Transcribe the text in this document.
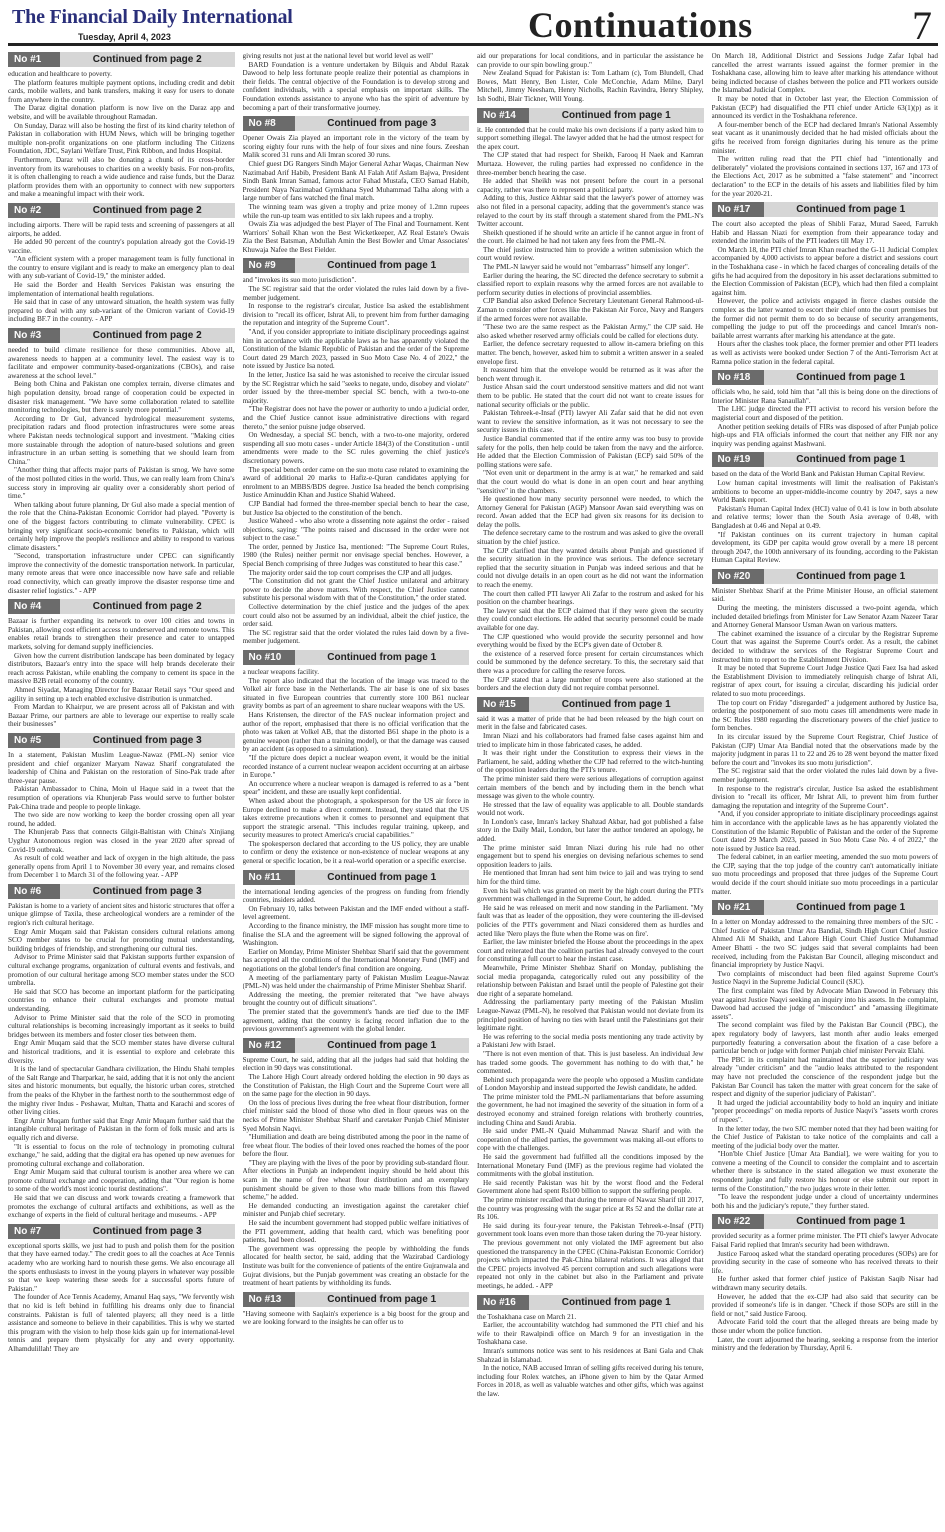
The Financial Daily International
Tuesday, April 4, 2023	Continuations	7
No #1	Continued from page 2

education and healthcare to poverty.

The platform features multiple payment options, including credit and debit cards, mobile wallets, and bank transfers, making it easy for users to donate from anywhere in the country.

The Daraz digital donation platform is now live on the Daraz app and website, and will be available throughout Ramadan.

On Sunday, Daraz will also be hosting the first of its kind charity telethon of Pakistan in collaboration with HUM News, which will be bringing together multiple non-profit organizations on one platform including The Citizens Foundation, JDC, Saylani Welfare Trust, Pink Ribbon, and Indus Hospital.

Furthermore, Daraz will also be donating a chunk of its cross-border inventory from its warehouses to charities on a weekly basis. For non-profits, it is often challenging to reach a wide audience and raise funds, but the Daraz platform provides them with an opportunity to connect with new supporters and make a meaningful impact with their work.

No #2	Continued from page 2

including airports. There will be rapid tests and screening of passengers at all airports, he added.

He added 90 percent of the country's population already got the Covid-19 vaccine.

"An efficient system with a proper management team is fully functional in the country to ensure vigilant and is ready to make an emergency plan to deal with any sub-variant of Covid-19," the minister added.

He said the Border and Health Services Pakistan was ensuring the implementation of international health regulations.

He said that in case of any untoward situation, the health system was fully prepared to deal with any sub-variant of the Omicron variant of Covid-19 including BF.7 in the country. - APP

No #3	Continued from page 2

needed to build climate resilience for these communities. Above all, awareness needs to happen at a community level. The easiest way is to facilitate and empower community-based-organizations (CBOs), and raise awareness at the school level."

Being both China and Pakistan one complex terrain, diverse climates and high population density, broad range of cooperation could be expected in disaster risk management. "We have some collaboration related to satellite monitoring technologies, but there is surely more potential."

According to Dr Gul, advanced hydrological measurement systems, precipitation radars and flood protection infrastructures were some areas where Pakistan needs technological support and investment. "Making cities more sustainable through the adoption of nature-based solutions and green infrastructure in an urban setting is something that we should learn from China."

"Another thing that affects major parts of Pakistan is smog. We have some of the most polluted cities in the world. Thus, we can really learn from China's success story in improving air quality over a considerably short period of time."

When talking about future planning, Dr Gul also made a special mention of the role that the China-Pakistan Economic Corridor had played. "Poverty is one of the biggest factors contributing to climate vulnerability. CPEC is bringing very significant socio-economic benefits to Pakistan, which will certainly help improve the people's resilience and ability to respond to various climate disasters."

"Second, transportation infrastructure under CPEC can significantly improve the connectivity of the domestic transportation network. In particular, many remote areas that were once inaccessible now have safe and reliable road connectivity, which can greatly improve the disaster response time and disaster relief logistics." - APP

No #4	Continued from page 2

Bazaar is further expanding its network to over 100 cities and towns in Pakistan, allowing cost efficient access to underserved and remote towns. This enables retail brands to strengthen their presence and cater to untapped markets, solving for demand supply inefficiencies.

Given how the current distribution landscape has been dominated by legacy distributors, Bazaar's entry into the space will help brands decelerate their reach across Pakistan, while enabling the company to cement its space in the massive B2B retail economy of the country.

Ahmed Siyadat, Managing Director for Bazaar Retail says "Our speed and agility in setting up a tech enabled exclusive distribution is unmatched.

From Mardan to Khairpur, we are present across all of Pakistan and with Bazaar Prime, our partners are able to leverage our expertise to really scale their businesses"

No #5	Continued from page 3

In a statement, Pakistan Muslim League-Nawaz (PML-N) senior vice president and chief organizer Maryam Nawaz Sharif congratulated the leadership of China and Pakistan on the restoration of Sino-Pak trade after three-year pause.

Pakistan Ambassador to China, Moin ul Haque said in a tweet that the resumption of operations via Khunjerab Pass would serve to further bolster Pak-China trade and people to people linkage.

The two side are now working to keep the border crossing open all year round, he added.

The Khunjerab Pass that connects Gilgit-Baltistan with China's Xinjiang Uyghur Autonomous region was closed in the year 2020 after spread of Covid-19 outbreak.

As result of cold weather and lack of oxygen in the high altitude, the pass generally opens from April 1 to November 30 every year, and remains closed from December 1 to March 31 of the following year. - APP

No #6	Continued from page 3

Pakistan is home to a variety of ancient sites and historic structures that offer a unique glimpse of Taxila, these archeological wonders are a reminder of the region's rich cultural heritage.

Engr Amir Muqam said that Pakistan considers cultural relations among SCO member states to be crucial for promoting mutual understanding, building bridges of friendship, and strengthening our cultural ties.

Advisor to Prime Minister said that Pakistan supports further expansion of cultural exchange programs, organization of cultural events and festivals, and promotion of our cultural heritage among SCO member states under the SCO umbrella.

He said that SCO has become an important platform for the participating countries to enhance their cultural exchanges and promote mutual understanding.

Advisor to Prime Minister said that the role of the SCO in promoting cultural relationships is becoming increasingly important as it seeks to build bridges between its members and foster closer ties between them.

Engr Amir Muqam said that the SCO member states have diverse cultural and historical traditions, and it is essential to explore and celebrate this diversity.

It is the land of spectacular Gandhara civilization, the Hindu Shahi temples of the Salt Range and Tharparkar, he said, adding that it is not only the ancient sites and historic monuments, but equally, the historic urban cores, stretched from the peaks of the Khyber in the farthest north to the southernmost edge of the mighty river Indus - Peshawar, Multan, Thatta and Karachi and scores of other living cities.

Engr Amir Muqam further said that Engr Amir Muqam further said that the intangible cultural heritage of Pakistan in the form of folk music and arts is equally rich and diverse.

"It is essential to focus on the role of technology in promoting cultural exchange," he said, adding that the digital era has opened up new avenues for promoting cultural exchange and collaboration.

Engr Amir Muqam said that cultural tourism is another area where we can promote cultural exchange and cooperation, adding that "Our region is home to some of the world's most iconic tourist destinations".

He said that we can discuss and work towards creating a framework that promotes the exchange of cultural artifacts and exhibitions, as well as the exchange of experts in the field of cultural heritage and museums. - APP

No #7	Continued from page 3

exceptional sports skills, we just had to push and polish them for the position that they have earned today." The credit goes to all the coaches at Ace Tennis academy who are working hard to nourish these gems. We also encourage all the sports enthusiasts to invest in the young players in whatever way possible so that we keep watering these seeds for a successful sports future of Pakistan."

The founder of Ace Tennis Academy, Amanul Haq says, "We fervently wish that no kid is left behind in fulfilling his dreams only due to financial constraints. Pakistan is full of talented players; all they need is a little assistance and someone to believe in their capabilities. This is why we started this program with the vision to help those kids gain up for international-level tennis and prepare them physically for any and every opportunity. Alhamdulillah! They are

giving results not just at the national level but world level as well"

BARD Foundation is a venture undertaken by Bilquis and Abdul Razak Dawood to help less fortunate people realize their potential as champions in their fields. The central objective of the Foundation is to develop strong and confident individuals, with a special emphasis on important skills. The Foundation extends assistance to anyone who has the spirit of adventure by becoming a part of their transformative journey.

No #8	Continued from page 3

Opener Owais Zia played an important role in the victory of the team by scoring eighty four runs with the help of four sixes and nine fours. Zeeshan Malik scored 31 runs and Ali Imran scored 30 runs.

Chief guest DG Rangers Sindh Major General Azhar Waqas, Chairman New Nazimabad Arif Habib, President Bank Al Falah Atif Aslam Bajwa, President Sindh Bank Imran Samad, famous actor Fahad Mustafa, CEO Samad Habib, President Naya Nazimabad Gymkhana Syed Muhammad Talha along with a large number of fans watched the final match.

The winning team was given a trophy and prize money of 1.2mn rupees while the run-up team was entitled to six lakh rupees and a trophy.

Owais Zia was adjudged the best Player of The Final and Tournament. Kent Warriors' Sohail Khan won the Best Wicketkeeper, AZ Real Estate's Owais Zia the Best Batsman, Abdullah Amin the Best Bowler and Umar Associates' Khuwaja Nafee the Best Fielder.

No #9	Continued from page 1

and "invokes its suo moto jurisdiction".

The SC registrar said that the order violated the rules laid down by a five-member judgement.

In response to the registrar's circular, Justice Isa asked the establishment division to "recall its officer, Ishrat Ali, to prevent him from further damaging the reputation and integrity of the Supreme Court".

"And, if you consider appropriate to initiate disciplinary proceedings against him in accordance with the applicable laws as he has apparently violated the Constitution of the Islamic Republic of Pakistan and the order of the Supreme Court dated 29 March 2023, passed in Suo Moto Case No. 4 of 2022," the note issued by Justice Isa noted.

In the letter, Justice Isa said he was astonished to receive the circular issued by the SC Registrar which he said "seeks to negate, undo, disobey and violate" order issued by the three-member special SC bench, with a two-to-one majority.

"The Registrar does not have the power or authority to undo a judicial order, and the Chief Justice cannot issue administrative directions with regard thereto," the senior puisne judge observed.

On Wednesday, a special SC bench, with a two-to-one majority, ordered suspending all suo motu cases - under Article 184(3) of the Constitution - until amendments were made to the SC rules governing the chief justice's discretionary powers.

The special bench order came on the suo motu case related to examining the award of additional 20 marks to Hafiz-e-Quran candidates applying for enrolment to an MBBS/BDS degree. Justice Isa headed the bench comprising Justice Aminuddin Khan and Justice Shahid Waheed.

CJP Bandial had formed the three-member special bench to hear the case, but Justice Isa objected to the constitution of the bench.

Justice Waheed - who also wrote a dissenting note against the order - raised objections, saying: "The points raised and discussed in the order were not subject to the case."

The order, penned by Justice Isa, mentioned: "The Supreme Court Rules, 1980 (the Rules) neither permit nor envisage special benches. However, a Special Bench comprising of three Judges was constituted to hear this case."

The majority order said the top court comprises the CJP and all judges.

"The Constitution did not grant the Chief Justice unilateral and arbitrary power to decide the above matters. With respect, the Chief Justice cannot substitute his personal wisdom with that of the Constitution," the order stated.

Collective determination by the chief justice and the judges of the apex court could also not be assumed by an individual, albeit the chief justice, the order said.

The SC registrar said that the order violated the rules laid down by a five-member judgement.

No #10	Continued from page 1

a nuclear weapons facility.

The report also indicated that the location of the image was traced to the Volkel air force base in the Netherlands. The air base is one of six bases situated in five European countries that currently store 100 B61 nuclear gravity bombs as part of an agreement to share nuclear weapons with the US.

Hans Kristensen, the director of the FAS nuclear information project and author of the report, emphasised that there is no official verification that the photo was taken at Volkel AB, that the distorted B61 shape in the photo is a genuine weapon (rather than a training model), or that the damage was caused by an accident (as opposed to a simulation).

"If the picture does depict a nuclear weapon event, it would be the initial recorded instance of a current nuclear weapon accident occurring at an airbase in Europe."

An occurrence where a nuclear weapon is damaged is referred to as a "bent spear" incident, and these are usually kept confidential.

When asked about the photograph, a spokesperson for the US air force in Europe declined to make a direct comment. Instead, they stated that the US takes extreme precautions when it comes to personnel and equipment that support the strategic arsenal. "This includes regular training, upkeep, and security measures to protect America's crucial capabilities."

The spokesperson declared that according to the US policy, they are unable to confirm or deny the existence or non-existence of nuclear weapons at any general or specific location, be it a real-world operation or a specific exercise.

No #11	Continued from page 1

the international lending agencies of the progress on funding from friendly countries, insiders added.

On February 10, talks between Pakistan and the IMF ended without a staff-level agreement.

According to the finance ministry, the IMF mission has sought more time to finalise the SLA and the agreement will be signed following the approval of Washington.

Earlier on Monday, Prime Minister Shehbaz Sharif said that the government has accepted all the conditions of the International Monetary Fund (IMF) and negotiations on the global lender's final condition are ongoing.

A meeting of the parliamentary party of Pakistan Muslim League-Nawaz (PML-N) was held under the chairmanship of Prime Minister Shehbaz Sharif.

Addressing the meeting, the premier reiterated that "we have always brought the country out of difficult situations".

The premier stated that the government's 'hands are tied' due to the IMF agreement, adding that the country is facing record inflation due to the previous government's agreement with the global lender.

No #12	Continued from page 1

Supreme Court, he said, adding that all the judges had said that holding the election in 90 days was constitutional.

The Lahore High Court already ordered holding the election in 90 days as the Constitution of Pakistan, the High Court and the Supreme Court were all on the same page for the election in 90 days.

On the loss of precious lives during the free wheat flour distribution, former chief minister said the blood of those who died in flour queues was on the necks of Prime Minister Shehbaz Sharif and caretaker Punjab Chief Minister Syed Mohsin Naqvi.

"Humiliation and death are being distributed among the poor in the name of free wheat flour. The bodies of their loved ones reached the homes of the poor before the flour.

"They are playing with the lives of the poor by providing sub-standard flour. After elections in Punjab an independent inquiry should be held about this scam in the name of free wheat flour distribution and an exemplary punishment should be given to those who made billions from this flawed scheme," he added.

He demanded conducting an investigation against the caretaker chief minister and Punjab chief secretary.

He said the incumbent government had stopped public welfare initiatives of the PTI government, adding that health card, which was benefiting poor patients, had been closed.

The government was oppressing the people by withholding the funds allocated for health sector, he said, adding that the Wazirabad Cardiology Institute was built for the convenience of patients of the entire Gujranwala and Gujrat divisions, but the Punjab government was creating an obstacle for the treatment of heart patients by withholding its funds.

No #13	Continued from page 1

"Having someone with Saqlain's experience is a big boost for the group and we are looking forward to the insights he can offer us to

aid our preparations for local conditions, and in particular the assistance he can provide to our spin bowling group."

New Zealand Squad for Pakistan is: Tom Latham (c), Tom Blundell, Chad Bowes, Matt Henry, Ben Lister, Cole McConchie, Adam Milne, Daryl Mitchell, Jimmy Neesham, Henry Nicholls, Rachin Ravindra, Henry Shipley, Ish Sodhi, Blair Tickner, Will Young.

No #14	Continued from page 1

it. He contended that he could make his own decisions if a party asked him to support something illegal. The lawyer added that he had the utmost respect for the apex court.

The CJP stated that had respect for Sheikh, Farooq H Naek and Kamran Murtaza. However, the ruling parties had expressed no confidence in the three-member bench hearing the case.

He added that Sheikh was not present before the court in a personal capacity, rather was there to represent a political party.

Adding to this, Justice Akhtar said that the lawyer's power of attorney was also not filed in a personal capacity, adding that the government's stance was relayed to the court by its staff through a statement shared from the PML-N's Twitter account.

Sheikh questioned if he should write an article if he cannot argue in front of the court. He claimed he had not taken any fees from the PML-N.

The chief justice instructed him to provide a written submission which the court would review.

The PML-N lawyer said he would not "embarrass" himself any longer".

Earlier during the hearing, the SC directed the defence secretary to submit a classified report to explain reasons why the armed forces are not available to perform security duties in elections of provincial assemblies.

CJP Bandial also asked Defence Secretary Lieutenant General Rahmood-ul-Zaman to consider other forces like the Pakistan Air Force, Navy and Rangers if the armed forces were not available.

"These two are the same respect as the Pakistan Army," the CJP said. He also asked whether reserved army officials could be called for elections duty.

Earlier, the defence secretary requested to allow in-camera briefing on this matter. The bench, however, asked him to submit a written answer in a sealed envelope first.

It reassured him that the envelope would be returned as it was after the bench went through it.

Justice Ahsan said the court understood sensitive matters and did not want them to be public. He stated that the court did not want to create issues for national security officials or the public.

Pakistan Tehreek-e-Insaf (PTI) lawyer Ali Zafar said that he did not even want to review the sensitive information, as it was not necessary to see the security issues in this case.

Justice Bandial commented that if the entire army was too busy to provide safety for the polls, then help could be taken from the navy and the airforce. He added that the Election Commission of Pakistan (ECP) said 50% of the polling stations were safe.

"Not even unit or department in the army is at war," he remarked and said that the court would do what is done in an open court and hear anything "sensitive" in the chambers.

He questioned how many security personnel were needed, to which the Attorney General for Pakistan (AGP) Mansoor Awan said everything was on record. Awan added that the ECP had given six reasons for its decision to delay the polls.

The defence secretary came to the rostrum and was asked to give the overall situation by the chief justice.

The CJP clarified that they wanted details about Punjab and questioned if the security situation in the province was serious. The defence secretary replied that the security situation in Punjab was indeed serious and that he could not divulge details in an open court as he did not want the information to reach the enemy.

The court then called PTI lawyer Ali Zafar to the rostrum and asked for his position on the chamber hearings.

The lawyer said that the ECP claimed that if they were given the security they could conduct elections. He added that security personnel could be made available for one day.

The CJP questioned who would provide the security personnel and how everything would be fixed by the ECP's given date of October 8.

the existence of a reserved force present for certain circumstances which could be summoned by the defence secretary. To this, the secretary said that there was a procedure for calling the reserve forces.

The CJP stated that a large number of troops were also stationed at the borders and the election duty did not require combat personnel.

No #15	Continued from page 1

said it was a matter of pride that he had been released by the high court on merit in the false and fabricated cases.

Imran Niazi and his collaborators had framed false cases against him and tried to implicate him in those fabricated cases, he added.

It was their right under the Constitution to express their views in the Parliament, he said, adding whether the CJP had referred to the witch-hunting of the opposition leaders during the PTI's tenure.

The prime minister said there were serious allegations of corruption against certain members of the bench and by including them in the bench what message was given to the whole country.

He stressed that the law of equality was applicable to all. Double standards would not work.

In London's case, Imran's lackey Shahzad Akbar, had got published a false story in the Daily Mail, London, but later the author tendered an apology, he added.

The prime minister said Imran Niazi during his rule had no other engagement but to spend his energies on devising nefarious schemes to send opposition leaders to jails.

He mentioned that Imran had sent him twice to jail and was trying to send him for the third time.

Even his bail which was granted on merit by the high court during the PTI's government was challenged in the Supreme Court, he added.

He said he was released on merit and now standing in the Parliament. "My fault was that as leader of the opposition, they were countering the ill-devised policies of the PTI's government and Niazi considered them as hurdles and acted like 'Nero plays the flute when the Rome was on fire'.

Earlier, the law minister briefed the House about the proceedings in the apex court and reiterated that the coalition parties had already conveyed to the court for constituting a full court to hear the instant case.

Meanwhile, Prime Minister Shehbaz Sharif on Monday, publishing the social media propaganda, categorically ruled out any possibility of the relationship between Pakistan and Israel until the people of Palestine got their due right of a separate homeland.

Addressing the parliamentary party meeting of the Pakistan Muslim League-Nawaz (PML-N), he resolved that Pakistan would not deviate from its principled position of having no ties with Israel until the Palestinians got their legitimate right.

He was referring to the social media posts mentioning any trade activity by a Pakistani Jew with Israel.

"There is not even mention of that. This is just baseless. An individual Jew has traded some goods. The government has nothing to do with that," he commented.

Behind such propaganda were the people who opposed a Muslim candidate of London Mayorship and instead supported the Jewish candidate, he added.

The prime minister told the PML-N parliamentarians that before assuming the government, he had not imagined the severity of the situation in form of a destroyed economy and strained foreign relations with brotherly countries, including China and Saudi Arabia.

He said under PML-N Quaid Muhammad Nawaz Sharif and with the cooperation of the allied parties, the government was making all-out efforts to cope with the challenges.

He said the government had fulfilled all the conditions imposed by the International Monetary Fund (IMF) as the previous regime had violated the commitments with the global institution.

He said recently Pakistan was hit by the worst flood and the Federal Government alone had spent Rs100 billion to support the suffering people.

The prime minister recalled that during the tenure of Nawaz Sharif till 2017, the country was progressing with the sugar price at Rs 52 and the dollar rate at Rs 106.

He said during its four-year tenure, the Pakistan Tehreek-e-Insaf (PTI) government took loans even more than those taken during the 70-year history.

The previous government not only violated the IMF agreement but also questioned the transparency in the CPEC (China-Pakistan Economic Corridor) projects which impacted the Pak-China bilateral relations. It was alleged that the CPEC projects involved 45 percent corruption and such allegations were repeated not only in the cabinet but also in the Parliament and private meetings, he added. - APP

No #16	Continued from page 1

the Toshakhana case on March 21.

Earlier, the accountability watchdog had summoned the PTI chief and his wife to their Rawalpindi office on March 9 for an investigation in the Toshakhana case.

Imran's summons notice was sent to his residences at Bani Gala and Chak Shahzad in Islamabad.

In the notice, NAB accused Imran of selling gifts received during his tenure, including four Rolex watches, an iPhone given to him by the Qatar Armed Forces in 2018, as well as valuable watches and other gifts, which was against the law.

On March 18, Additional District and Sessions Judge Zafar Iqbal had cancelled the arrest warrants issued against the former premier in the Toshakhana case, allowing him to leave after marking his attendance without being indicted because of clashes between the police and PTI workers outside the Islamabad Judicial Complex.

It may be noted that in October last year, the Election Commission of Pakistan (ECP) had disqualified the PTI chief under Article 63(1)(p) as it announced its verdict in the Toshakhana reference.

A four-member bench of the ECP had declared Imran's National Assembly seat vacant as it unanimously decided that he had misled officials about the gifts he received from foreign dignitaries during his tenure as the prime minister.

The written ruling read that the PTI chief had "intentionally and deliberately" violated the provisions contained in sections 137, 167 and 173 of the Elections Act, 2017 as he submitted a "false statement" and "incorrect declaration" to the ECP in the details of his assets and liabilities filed by him for the year 2020-21.

No #17	Continued from page 1

The court also accepted the pleas of Shibli Faraz, Murad Saeed, Farrukh Habib and Hassan Niazi for exemption from their appearance today and extended the interim bails of the PTI leaders till May 17.

On March 18, the PTI chief Imran Khan reached the G-11 Judicial Complex accompanied by 4,000 activists to appear before a district and sessions court in the Toshakhana case - in which he faced charges of concealing details of the gifts he had acquired from the depository in his asset declarations submitted to the Election Commission of Pakistan (ECP), which had then filed a complaint against him.

However, the police and activists engaged in fierce clashes outside the complex as the latter wanted to escort their chief onto the court premises but the former did not permit them to do so because of security arrangements, compelling the judge to put off the proceedings and cancel Imran's non-bailable arrest warrants after marking his attendance at the gate.

Hours after the clashes took place, the former premier and other PTI leaders as well as activists were booked under Section 7 of the Anti-Terrorism Act at Ramna police station in the federal capital.

No #18	Continued from page 1

officials who, he said, told him that "all this is being done on the directions of Interior Minister Rana Sanaullah".

The LHC judge directed the PTI activist to record his version before the magisterial court and disposed of the petition.

Another petition seeking details of FIRs was disposed of after Punjab police high-ups and FIA officials informed the court that neither any FIR nor any inquiry was pending against Mashwani.

No #19	Continued from page 1

based on the data of the World Bank and Pakistan Human Capital Review.

Low human capital investments will limit the realisation of Pakistan's ambitions to become an upper-middle-income country by 2047, says a new World Bank report.

Pakistan's Human Capital Index (HCI) value of 0.41 is low in both absolute and relative terms; lower than the South Asia average of 0.48, with Bangladesh at 0.46 and Nepal at 0.49.

"If Pakistan continues on its current trajectory in human capital development, its GDP per capita would grow overall by a mere 18 percent through 2047, the 100th anniversary of its founding, according to the Pakistan Human Capital Review.

No #20	Continued from page 1

Minister Shehbaz Sharif at the Prime Minister House, an official statement said.

During the meeting, the ministers discussed a two-point agenda, which included detailed briefings from Minister for Law Senator Azam Nazeer Tarar and Attorney General Mansoor Usman Awan on various matters.

The cabinet examined the issuance of a circular by the Registrar Supreme Court that was against the Supreme Court's order. As a result, the cabinet decided to withdraw the services of the Registrar Supreme Court and instructed him to report to the Establishment Division.

It may be noted that Supreme Court Judge Justice Qazi Faez Isa had asked the Establishment Division to immediately relinquish charge of Ishrat Ali, registrar of apex court, for issuing a circular, discarding his judicial order related to suo motu proceedings.

The top court on Friday "disregarded" a judgement authored by Justice Isa, ordering the postponement of suo motu cases till amendments were made in the SC Rules 1980 regarding the discretionary powers of the chief justice to form benches.

In its circular issued by the Supreme Court Registrar, Chief Justice of Pakistan (CJP) Umar Ata Bandial noted that the observations made by the majority judgment in paras 11 to 22 and 26 to 28 went beyond the matter fixed before the court and "invokes its suo motu jurisdiction".

The SC registrar said that the order violated the rules laid down by a five-member judgement.

In response to the registrar's circular, Justice Isa asked the establishment division to "recall its officer, Mr Ishrat Ali, to prevent him from further damaging the reputation and integrity of the Supreme Court".

"And, if you consider appropriate to initiate disciplinary proceedings against him in accordance with the applicable laws as he has apparently violated the Constitution of the Islamic Republic of Pakistan and the order of the Supreme Court dated 29 March 2023, passed in Suo Motu Case No. 4 of 2022," the note issued by Justice Isa read.

The federal cabinet, in an earlier meeting, amended the suo motu powers of the CJP, saying that the top judge of the country can't automatically initiate suo motu proceedings and proposed that three judges of the Supreme Court would decide if the court should initiate suo motu proceedings in a particular matter.

No #21	Continued from page 1

In a letter on Monday addressed to the remaining three members of the SJC - Chief Justice of Pakistan Umar Ata Bandial, Sindh High Court Chief Justice Ahmed Ali M Shaikh, and Lahore High Court Chief Justice Muhammad Ameer Bhatti - the two SC judges said that several complaints had been received, including from the Pakistan Bar Council, alleging misconduct and financial impropriety by Justice Naqvi.

Two complaints of misconduct had been filed against Supreme Court's Justice Naqvi in the Supreme Judicial Council (SJC).

The first complaint was filed by Advocate Mian Dawood in February this year against Justice Naqvi seeking an inquiry into his assets. In the complaint, Dawood had accused the judge of "misconduct" and "amassing illegitimate assets".

The second complaint was filed by the Pakistan Bar Council (PBC), the apex regulatory body of lawyers, last month after audio leaks emerged purportedly featuring a conversation about the fixation of a case before a particular bench or judge with former Punjab chief minister Pervaiz Elahi.

The PBC in its complaint had maintained that the superior judiciary was already "under criticism" and the "audio leaks attributed to the respondent may have not precluded the conscience of the respondent judge but the Pakistan Bar Council has taken the matter with great concern for the sake of respect and dignity of the superior judiciary of Pakistan".

It had urged the judicial accountability body to hold an inquiry and initiate "proper proceedings" on media reports of Justice Naqvi's "assets worth crores of rupees".

In the letter today, the two SJC member noted that they had been waiting for the Chief Justice of Pakistan to take notice of the complaints and call a meeting of the judicial body over the matter.

"Hon'ble Chief Justice [Umar Ata Bandial], we were waiting for you to convene a meeting of the Council to consider the complaint and to ascertain whether there is substance in the stated allegation we must exonerate the respondent judge and fully restore his honour or else submit our report in terms of the Constitution," the two judges wrote in their letter.

"To leave the respondent judge under a cloud of uncertainty undermines both his and the judiciary's repute," they further stated.

No #22	Continued from page 1

provided security as a former prime minister. The PTI chief's lawyer Advocate Faisal Farid replied that Imran's security had been withdrawn.

Justice Farooq asked what the standard operating procedures (SOPs) are for providing security in the case of someone who has received threats to their life.

He further asked that former chief justice of Pakistan Saqib Nisar had withdrawn many security details.

However, he added that the ex-CJP had also said that security can be provided if someone's life is in danger. "Check if those SOPs are still in the field or not," said Justice Farooq.

Advocate Farid told the court that the alleged threats are being made by those under whom the police function.

Later, the court adjourned the hearing, seeking a response from the interior ministry and the federation by Thursday, April 6.
